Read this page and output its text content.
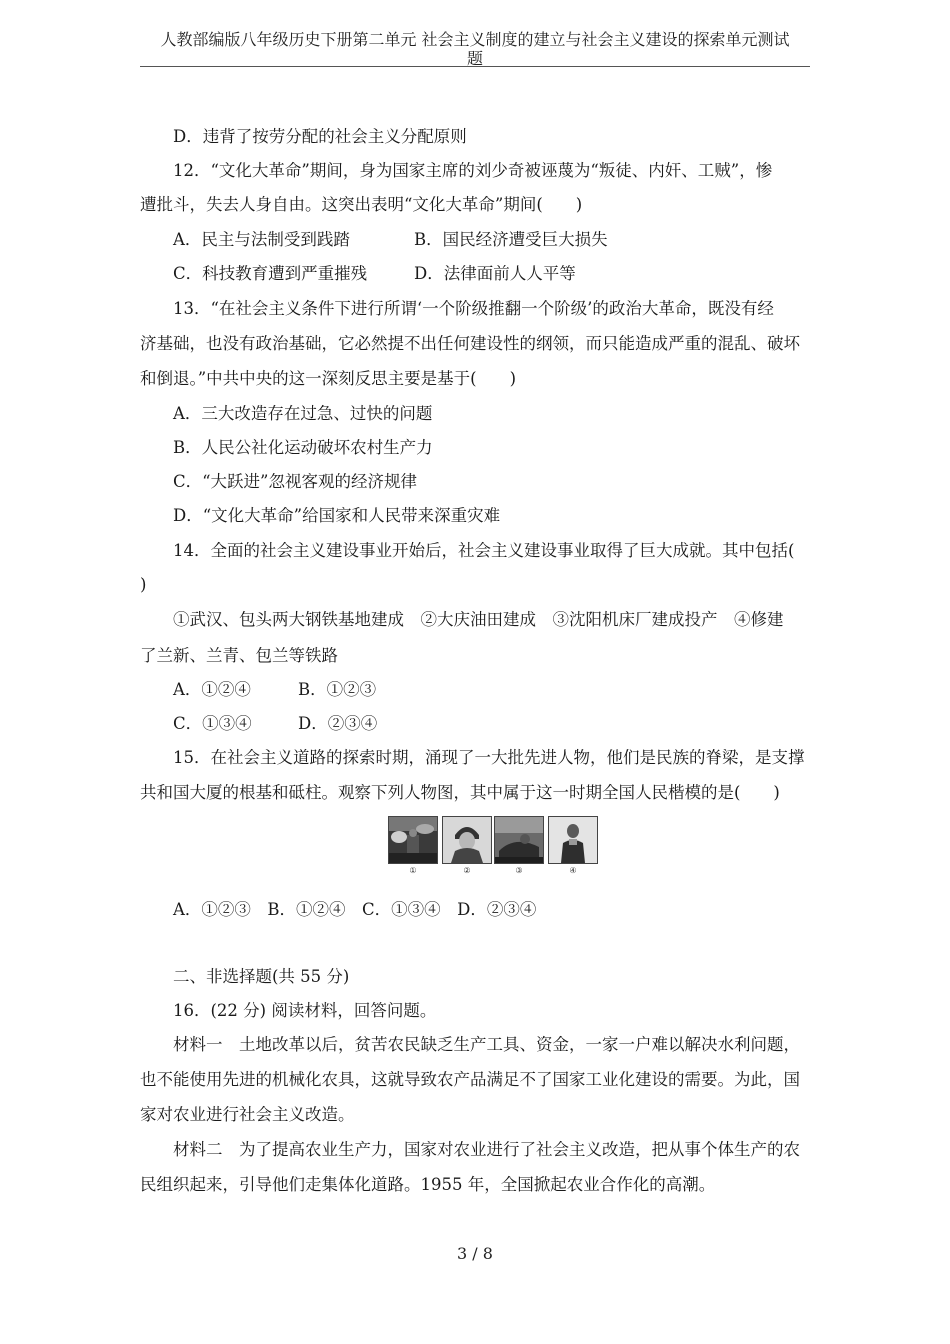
人教部编版八年级历史下册第二单元 社会主义制度的建立与社会主义建设的探索单元测试
题
D．违背了按劳分配的社会主义分配原则
12．“文化大革命”期间，身为国家主席的刘少奇被诬蔑为“叛徒、内奸、工贼”，惨
遭批斗，失去人身自由。这突出表明“文化大革命”期间(　　)
A．民主与法制受到践踏	B．国民经济遭受巨大损失
C．科技教育遭到严重摧残	D．法律面前人人平等
13．“在社会主义条件下进行所谓‘一个阶级推翻一个阶级’的政治大革命，既没有经
济基础，也没有政治基础，它必然提不出任何建设性的纲领，而只能造成严重的混乱、破坏
和倒退。”中共中央的这一深刻反思主要是基于(　　)
A．三大改造存在过急、过快的问题
B．人民公社化运动破坏农村生产力
C．“大跃进”忽视客观的经济规律
D．“文化大革命”给国家和人民带来深重灾难
14．全面的社会主义建设事业开始后，社会主义建设事业取得了巨大成就。其中包括(
)
①武汉、包头两大钢铁基地建成　②大庆油田建成　③沈阳机床厂建成投产　④修建
了兰新、兰青、包兰等铁路
A．①②④	B．①②③
C．①③④	D．②③④
15．在社会主义道路的探索时期，涌现了一大批先进人物，他们是民族的脊梁，是支撑
共和国大厦的根基和砥柱。观察下列人物图，其中属于这一时期全国人民楷模的是(　　)
①	②	③	④
A．①②③　B．①②④　C．①③④　D．②③④
二、非选择题(共 55 分)
16．(22 分) 阅读材料，回答问题。
材料一　土地改革以后，贫苦农民缺乏生产工具、资金，一家一户难以解决水利问题，
也不能使用先进的机械化农具，这就导致农产品满足不了国家工业化建设的需要。为此，国
家对农业进行社会主义改造。
材料二　为了提高农业生产力，国家对农业进行了社会主义改造，把从事个体生产的农
民组织起来，引导他们走集体化道路。1955 年，全国掀起农业合作化的高潮。
3 / 8
